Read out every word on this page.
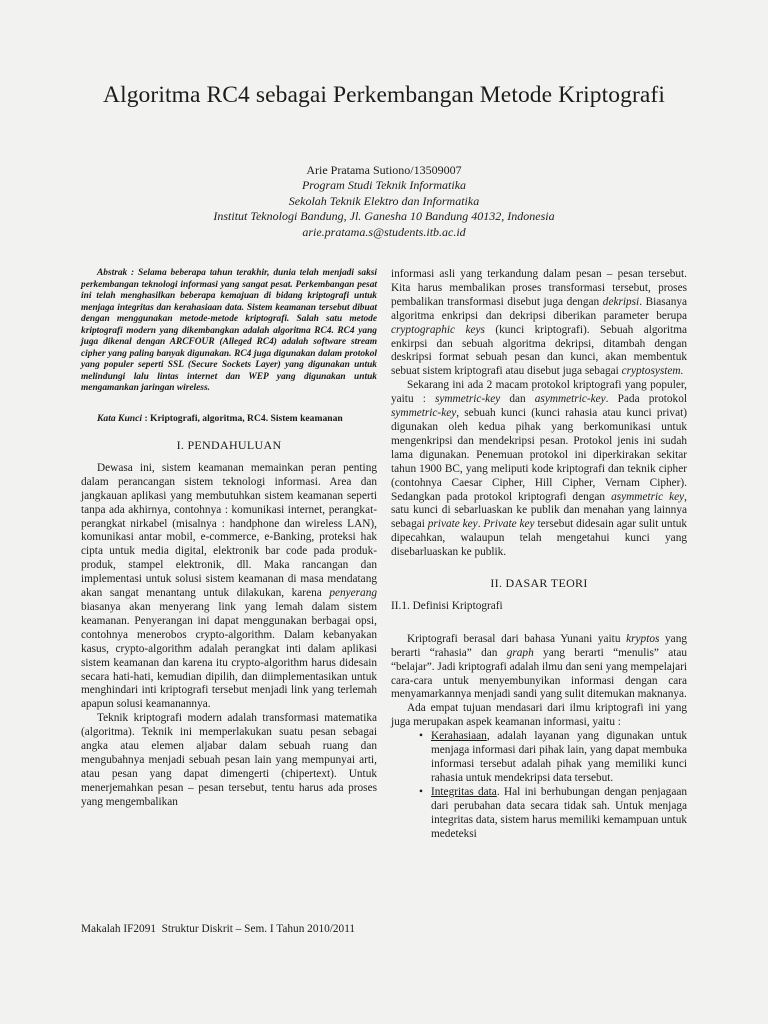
Algoritma RC4 sebagai Perkembangan Metode Kriptografi
Arie Pratama Sutiono/13509007
Program Studi Teknik Informatika
Sekolah Teknik Elektro dan Informatika
Institut Teknologi Bandung, Jl. Ganesha 10 Bandung 40132, Indonesia
arie.pratama.s@students.itb.ac.id

Abstrak : Selama beberapa tahun terakhir, dunia telah menjadi saksi perkembangan teknologi informasi yang sangat pesat. Perkembangan pesat ini telah menghasilkan beberapa kemajuan di bidang kriptografi untuk menjaga integritas dan kerahasiaan data. Sistem keamanan tersebut dibuat dengan menggunakan metode-metode kriptografi. Salah satu metode kriptografi modern yang dikembangkan adalah algoritma RC4. RC4 yang juga dikenal dengan ARCFOUR (Alleged RC4) adalah software stream cipher yang paling banyak digunakan. RC4 juga digunakan dalam protokol yang populer seperti SSL (Secure Sockets Layer) yang digunakan untuk melindungi lalu lintas internet dan WEP yang digunakan untuk mengamankan jaringan wireless.

Kata Kunci : Kriptografi, algoritma, RC4. Sistem keamanan

I. PENDAHULUAN

Dewasa ini, sistem keamanan memainkan peran penting dalam perancangan sistem teknologi informasi. Area dan jangkauan aplikasi yang membutuhkan sistem keamanan seperti tanpa ada akhirnya, contohnya : komunikasi internet, perangkat-perangkat nirkabel (misalnya : handphone dan wireless LAN), komunikasi antar mobil, e-commerce, e-Banking, proteksi hak cipta untuk media digital, elektronik bar code pada produk-produk, stampel elektronik, dll. Maka rancangan dan implementasi untuk solusi sistem keamanan di masa mendatang akan sangat menantang untuk dilakukan, karena penyerang biasanya akan menyerang link yang lemah dalam sistem keamanan. Penyerangan ini dapat menggunakan berbagai opsi, contohnya menerobos crypto-algorithm. Dalam kebanyakan kasus, crypto-algorithm adalah perangkat inti dalam aplikasi sistem keamanan dan karena itu crypto-algorithm harus didesain secara hati-hati, kemudian dipilih, dan diimplementasikan untuk menghindari inti kriptografi tersebut menjadi link yang terlemah apapun solusi keamanannya.

Teknik kriptografi modern adalah transformasi matematika (algoritma). Teknik ini memperlakukan suatu pesan sebagai angka atau elemen aljabar dalam sebuah ruang dan mengubahnya menjadi sebuah pesan lain yang mempunyai arti, atau pesan yang dapat dimengerti (chipertext). Untuk menerjemahkan pesan – pesan tersebut, tentu harus ada proses yang mengembalikan

informasi asli yang terkandung dalam pesan – pesan tersebut. Kita harus membalikan proses transformasi tersebut, proses pembalikan transformasi disebut juga dengan dekripsi. Biasanya algoritma enkripsi dan dekripsi diberikan parameter berupa cryptographic keys (kunci kriptografi). Sebuah algoritma enkirpsi dan sebuah algoritma dekripsi, ditambah dengan deskripsi format sebuah pesan dan kunci, akan membentuk sebuat sistem kriptografi atau disebut juga sebagai cryptosystem.

Sekarang ini ada 2 macam protokol kriptografi yang populer, yaitu : symmetric-key dan asymmetric-key. Pada protokol symmetric-key, sebuah kunci (kunci rahasia atau kunci privat) digunakan oleh kedua pihak yang berkomunikasi untuk mengenkripsi dan mendekripsi pesan. Protokol jenis ini sudah lama digunakan. Penemuan protokol ini diperkirakan sekitar tahun 1900 BC, yang meliputi kode kriptografi dan teknik cipher (contohnya Caesar Cipher, Hill Cipher, Vernam Cipher). Sedangkan pada protokol kriptografi dengan asymmetric key, satu kunci di sebarluaskan ke publik dan menahan yang lainnya sebagai private key. Private key tersebut didesain agar sulit untuk dipecahkan, walaupun telah mengetahui kunci yang disebarluaskan ke publik.

II. DASAR TEORI
II.1. Definisi Kriptografi

Kriptografi berasal dari bahasa Yunani yaitu kryptos yang berarti “rahasia” dan graph yang berarti “menulis” atau “belajar”. Jadi kriptografi adalah ilmu dan seni yang mempelajari cara-cara untuk menyembunyikan informasi dengan cara menyamarkannya menjadi sandi yang sulit ditemukan maknanya.

Ada empat tujuan mendasari dari ilmu kriptografi ini yang juga merupakan aspek keamanan informasi, yaitu :

• Kerahasiaan, adalah layanan yang digunakan untuk menjaga informasi dari pihak lain, yang dapat membuka informasi tersebut adalah pihak yang memiliki kunci rahasia untuk mendekripsi data tersebut.
• Integritas data. Hal ini berhubungan dengan penjagaan dari perubahan data secara tidak sah. Untuk menjaga integritas data, sistem harus memiliki kemampuan untuk medeteksi
Makalah IF2091  Struktur Diskrit – Sem. I Tahun 2010/2011
